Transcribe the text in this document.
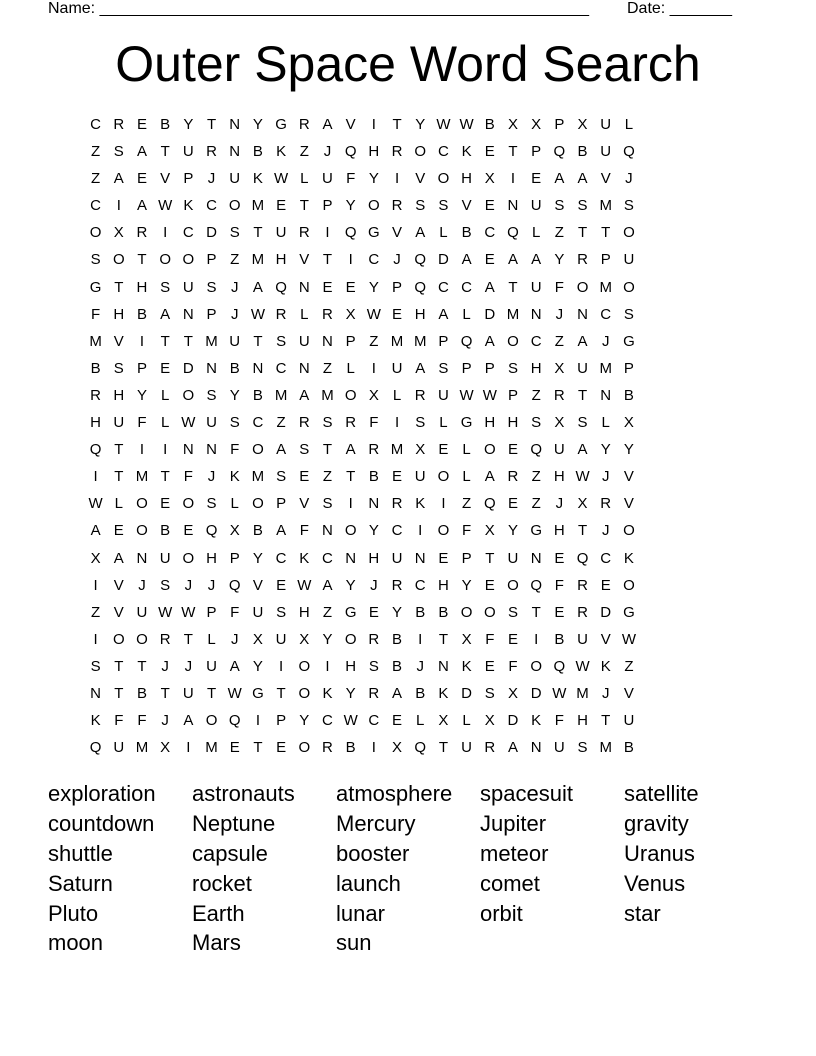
Name: _______________________________________________________ Date: _______
Outer Space Word Search
C R E B Y T N Y G R A V	I	T Y W W B X X P X U L
Z S A T U R N B K Z J Q H R O C K E T P Q B U Q
Z A E V P J U K W L U F Y	I	V O H X	I	E A A V J
C	I	A W K C O M E T P Y O R S S V E N U S S M S
O X R	I	C D S T U R	I	Q G V A L B C Q L Z T T O
S O T O O P Z M H V T	I	C J Q D A E A A Y R P U
G T H S U S J A Q N E E Y P Q C C A T U F O M O
F H B A N P J W R L R X W E H A L D M N J N C S
M V	I	T T M U T S U N P Z M M P Q A O C Z A J G
B S P E D N B N C N Z L	I	U A S P P S H X U M P
R H Y L O S Y B M A M O X L R U W W P Z R T N B
H U F L W U S C Z R S R F	I	S L G H H S X S L X
Q T	I	I	N N F O A S T A R M X E L O E Q U A Y Y
I	T M T F J K M S E Z T B E U O L A R Z H W J V
W L O E O S L O P V S	I	N R K	I	Z Q E Z J X R V
A E O B E Q X B A F N O Y C	I	O F X Y G H T J O
X A N U O H P Y C K C N H U N E P T U N E Q C K
I	V J S J	J Q V E W A Y J R C H Y E O Q F R E O
Z V U W W P F U S H Z G E Y B B O O S T E R D G
I	O O R T L	J X U X Y O R B	I	T X F E	I	B U V W
S T T J	J U A Y	I	O	I	H S B J N K E F O Q W K Z
N T B T U T W G T O K Y R A B K D S X D W M J V
K F F J A O Q	I	P Y C W C E L X L X D K F H T U
Q U M X	I M E T E O R B	I	X Q T U R A N U S M B
exploration	astronauts	atmosphere	spacesuit	satellite
countdown	Neptune	Mercury	Jupiter	gravity
shuttle	capsule	booster	meteor	Uranus
Saturn	rocket	launch	comet	Venus
Pluto	Earth	lunar	orbit	star
moon	Mars	sun
